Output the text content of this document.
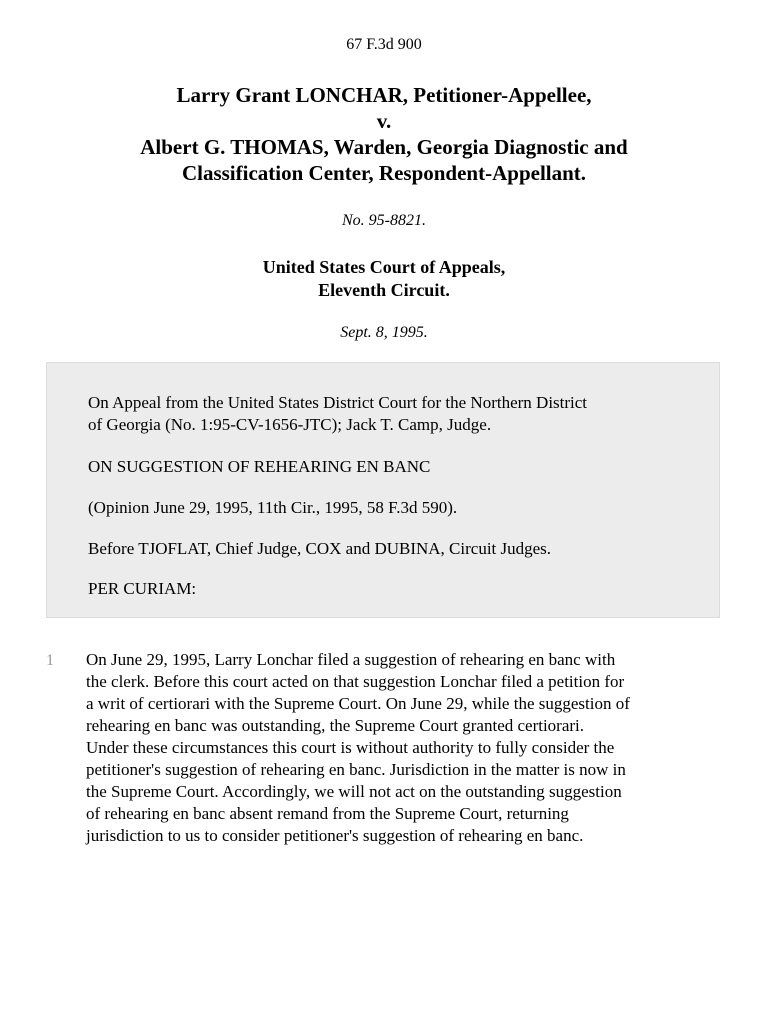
67 F.3d 900
Larry Grant LONCHAR, Petitioner-Appellee,
v.
Albert G. THOMAS, Warden, Georgia Diagnostic and
Classification Center, Respondent-Appellant.
No. 95-8821.
United States Court of Appeals,
Eleventh Circuit.
Sept. 8, 1995.

On Appeal from the United States District Court for the Northern District
of Georgia (No. 1:95-CV-1656-JTC); Jack T. Camp, Judge.

ON SUGGESTION OF REHEARING EN BANC

(Opinion June 29, 1995, 11th Cir., 1995, 58 F.3d 590).

Before TJOFLAT, Chief Judge, COX and DUBINA, Circuit Judges.

PER CURIAM:

1 On June 29, 1995, Larry Lonchar filed a suggestion of rehearing en banc with
the clerk. Before this court acted on that suggestion Lonchar filed a petition for
a writ of certiorari with the Supreme Court. On June 29, while the suggestion of
rehearing en banc was outstanding, the Supreme Court granted certiorari.
Under these circumstances this court is without authority to fully consider the
petitioner's suggestion of rehearing en banc. Jurisdiction in the matter is now in
the Supreme Court. Accordingly, we will not act on the outstanding suggestion
of rehearing en banc absent remand from the Supreme Court, returning
jurisdiction to us to consider petitioner's suggestion of rehearing en banc.
